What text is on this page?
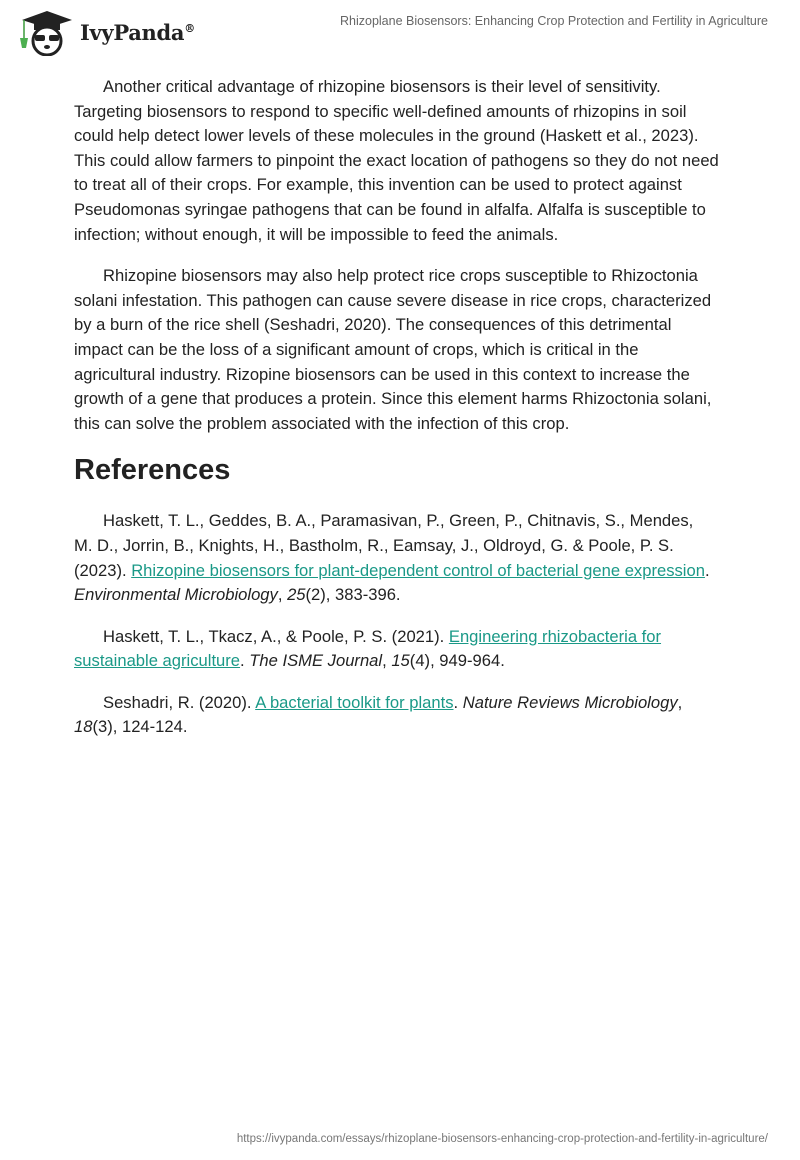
IvyPanda®	Rhizoplane Biosensors: Enhancing Crop Protection and Fertility in Agriculture
Another critical advantage of rhizopine biosensors is their level of sensitivity.
Targeting biosensors to respond to specific well-defined amounts of rhizopins in soil
could help detect lower levels of these molecules in the ground (Haskett et al., 2023).
This could allow farmers to pinpoint the exact location of pathogens so they do not need
to treat all of their crops. For example, this invention can be used to protect against
Pseudomonas syringae pathogens that can be found in alfalfa. Alfalfa is susceptible to
infection; without enough, it will be impossible to feed the animals.
Rhizopine biosensors may also help protect rice crops susceptible to Rhizoctonia
solani infestation. This pathogen can cause severe disease in rice crops, characterized
by a burn of the rice shell (Seshadri, 2020). The consequences of this detrimental
impact can be the loss of a significant amount of crops, which is critical in the
agricultural industry. Rizopine biosensors can be used in this context to increase the
growth of a gene that produces a protein. Since this element harms Rhizoctonia solani,
this can solve the problem associated with the infection of this crop.
References
Haskett, T. L., Geddes, B. A., Paramasivan, P., Green, P., Chitnavis, S., Mendes,
M. D., Jorrin, B., Knights, H., Bastholm, R., Eamsay, J., Oldroyd, G. & Poole, P. S.
(2023). Rhizopine biosensors for plant-dependent control of bacterial gene expression.
Environmental Microbiology, 25(2), 383-396.
Haskett, T. L., Tkacz, A., & Poole, P. S. (2021). Engineering rhizobacteria for
sustainable agriculture. The ISME Journal, 15(4), 949-964.
Seshadri, R. (2020). A bacterial toolkit for plants. Nature Reviews Microbiology,
18(3), 124-124.
https://ivypanda.com/essays/rhizoplane-biosensors-enhancing-crop-protection-and-fertility-in-agriculture/
